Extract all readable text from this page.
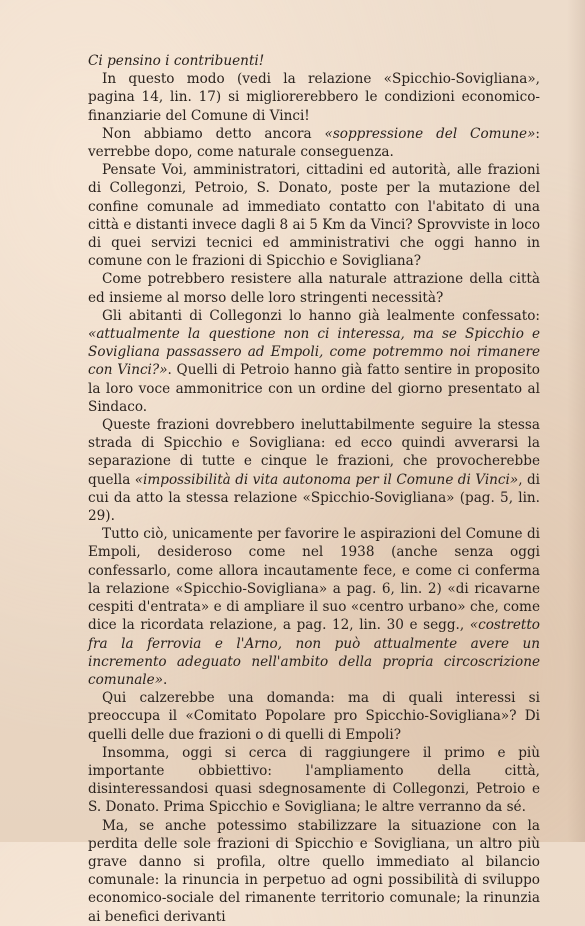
Ci pensino i contribuenti!

In questo modo (vedi la relazione «Spicchio-Sovigliana», pagina 14, lin. 17) si migliorerebbero le condizioni economico-finanziarie del Comune di Vinci!

Non abbiamo detto ancora «soppressione del Comune»: verrebbe dopo, come naturale conseguenza.

Pensate Voi, amministratori, cittadini ed autorità, alle frazioni di Collegonzi, Petroio, S. Donato, poste per la mutazione del confine comunale ad immediato contatto con l'abitato di una città e distanti invece dagli 8 ai 5 Km da Vinci? Sprovviste in loco di quei servizi tecnici ed amministrativi che oggi hanno in comune con le frazioni di Spicchio e Sovigliana?

Come potrebbero resistere alla naturale attrazione della città ed insieme al morso delle loro stringenti necessità?

Gli abitanti di Collegonzi lo hanno già lealmente confessato: «attualmente la questione non ci interessa, ma se Spicchio e Sovigliana passassero ad Empoli, come potremmo noi rimanere con Vinci?». Quelli di Petroio hanno già fatto sentire in proposito la loro voce ammonitrice con un ordine del giorno presentato al Sindaco.

Queste frazioni dovrebbero ineluttabilmente seguire la stessa strada di Spicchio e Sovigliana: ed ecco quindi avverarsi la separazione di tutte e cinque le frazioni, che provocherebbe quella «impossibilità di vita autonoma per il Comune di Vinci», di cui da atto la stessa relazione «Spicchio-Sovigliana» (pag. 5, lin. 29).

Tutto ciò, unicamente per favorire le aspirazioni del Comune di Empoli, desideroso come nel 1938 (anche senza oggi confessarlo, come allora incautamente fece, e come ci conferma la relazione «Spicchio-Sovigliana» a pag. 6, lin. 2) «di ricavarne cespiti d'entrata» e di ampliare il suo «centro urbano» che, come dice la ricordata relazione, a pag. 12, lin. 30 e segg., «costretto fra la ferrovia e l'Arno, non può attualmente avere un incremento adeguato nell'ambito della propria circoscrizione comunale».

Qui calzerebbe una domanda: ma di quali interessi si preoccupa il «Comitato Popolare pro Spicchio-Sovigliana»? Di quelli delle due frazioni o di quelli di Empoli?

Insomma, oggi si cerca di raggiungere il primo e più importante obbiettivo: l'ampliamento della città, disinteressandosi quasi sdegnosamente di Collegonzi, Petroio e S. Donato. Prima Spicchio e Sovigliana; le altre verranno da sé.

Ma, se anche potessimo stabilizzare la situazione con la perdita delle sole frazioni di Spicchio e Sovigliana, un altro più grave danno si profila, oltre quello immediato al bilancio comunale: la rinuncia in perpetuo ad ogni possibilità di sviluppo economico-sociale del rimanente territorio comunale; la rinunzia ai benefici derivanti
